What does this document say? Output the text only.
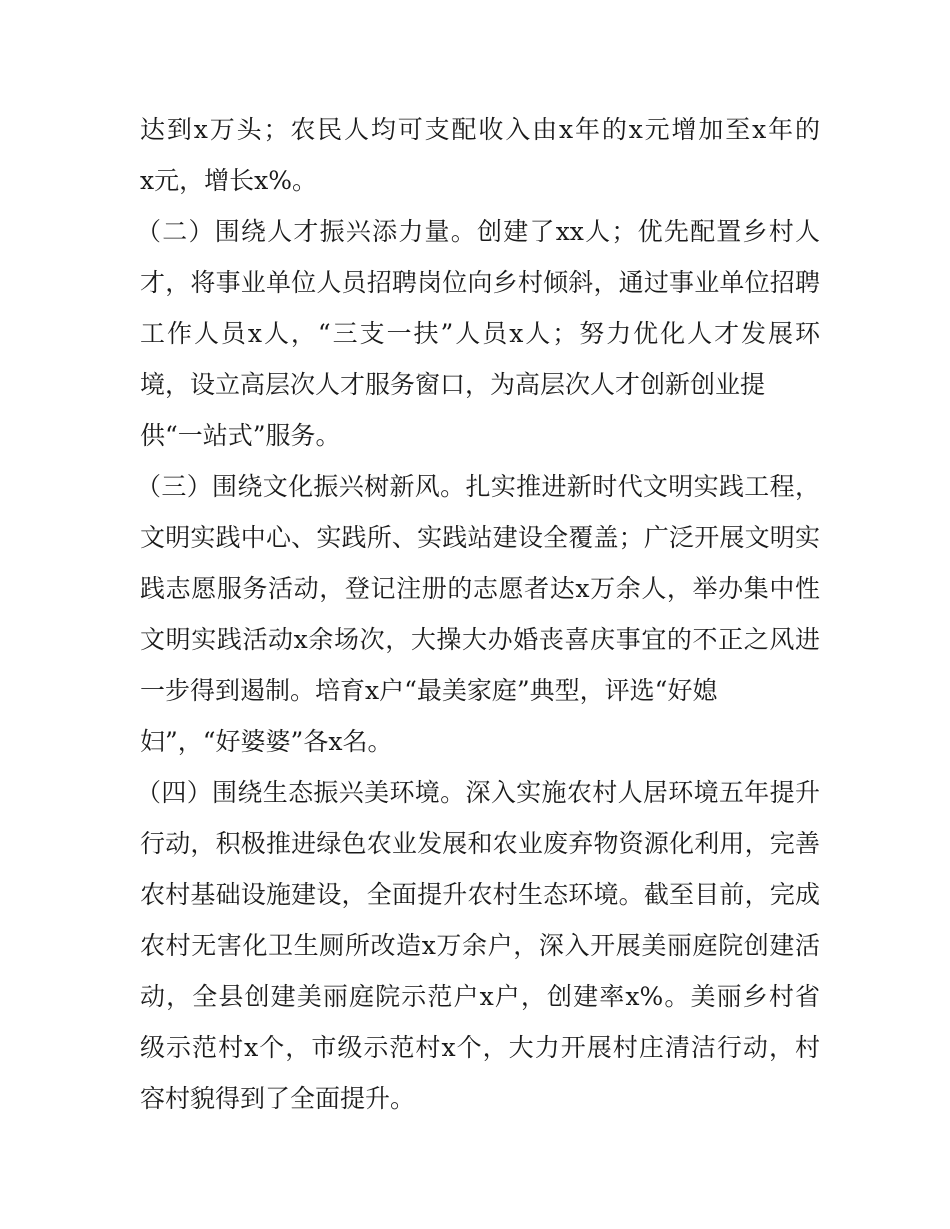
达到x万头；农民人均可支配收入由x年的x元增加至x年的
x元，增长x%。
（二）围绕人才振兴添力量。创建了xx人；优先配置乡村人
才，将事业单位人员招聘岗位向乡村倾斜，通过事业单位招聘
工作人员x人，“三支一扶”人员x人；努力优化人才发展环
境，设立高层次人才服务窗口，为高层次人才创新创业提
供“一站式”服务。
（三）围绕文化振兴树新风。扎实推进新时代文明实践工程，
文明实践中心、实践所、实践站建设全覆盖；广泛开展文明实
践志愿服务活动，登记注册的志愿者达x万余人，举办集中性
文明实践活动x余场次，大操大办婚丧喜庆事宜的不正之风进
一步得到遏制。培育x户“最美家庭”典型，评选“好媳
妇”，“好婆婆”各x名。
（四）围绕生态振兴美环境。深入实施农村人居环境五年提升
行动，积极推进绿色农业发展和农业废弃物资源化利用，完善
农村基础设施建设，全面提升农村生态环境。截至目前，完成
农村无害化卫生厕所改造x万余户，深入开展美丽庭院创建活
动，全县创建美丽庭院示范户x户，创建率x%。美丽乡村省
级示范村x个，市级示范村x个，大力开展村庄清洁行动，村
容村貌得到了全面提升。
